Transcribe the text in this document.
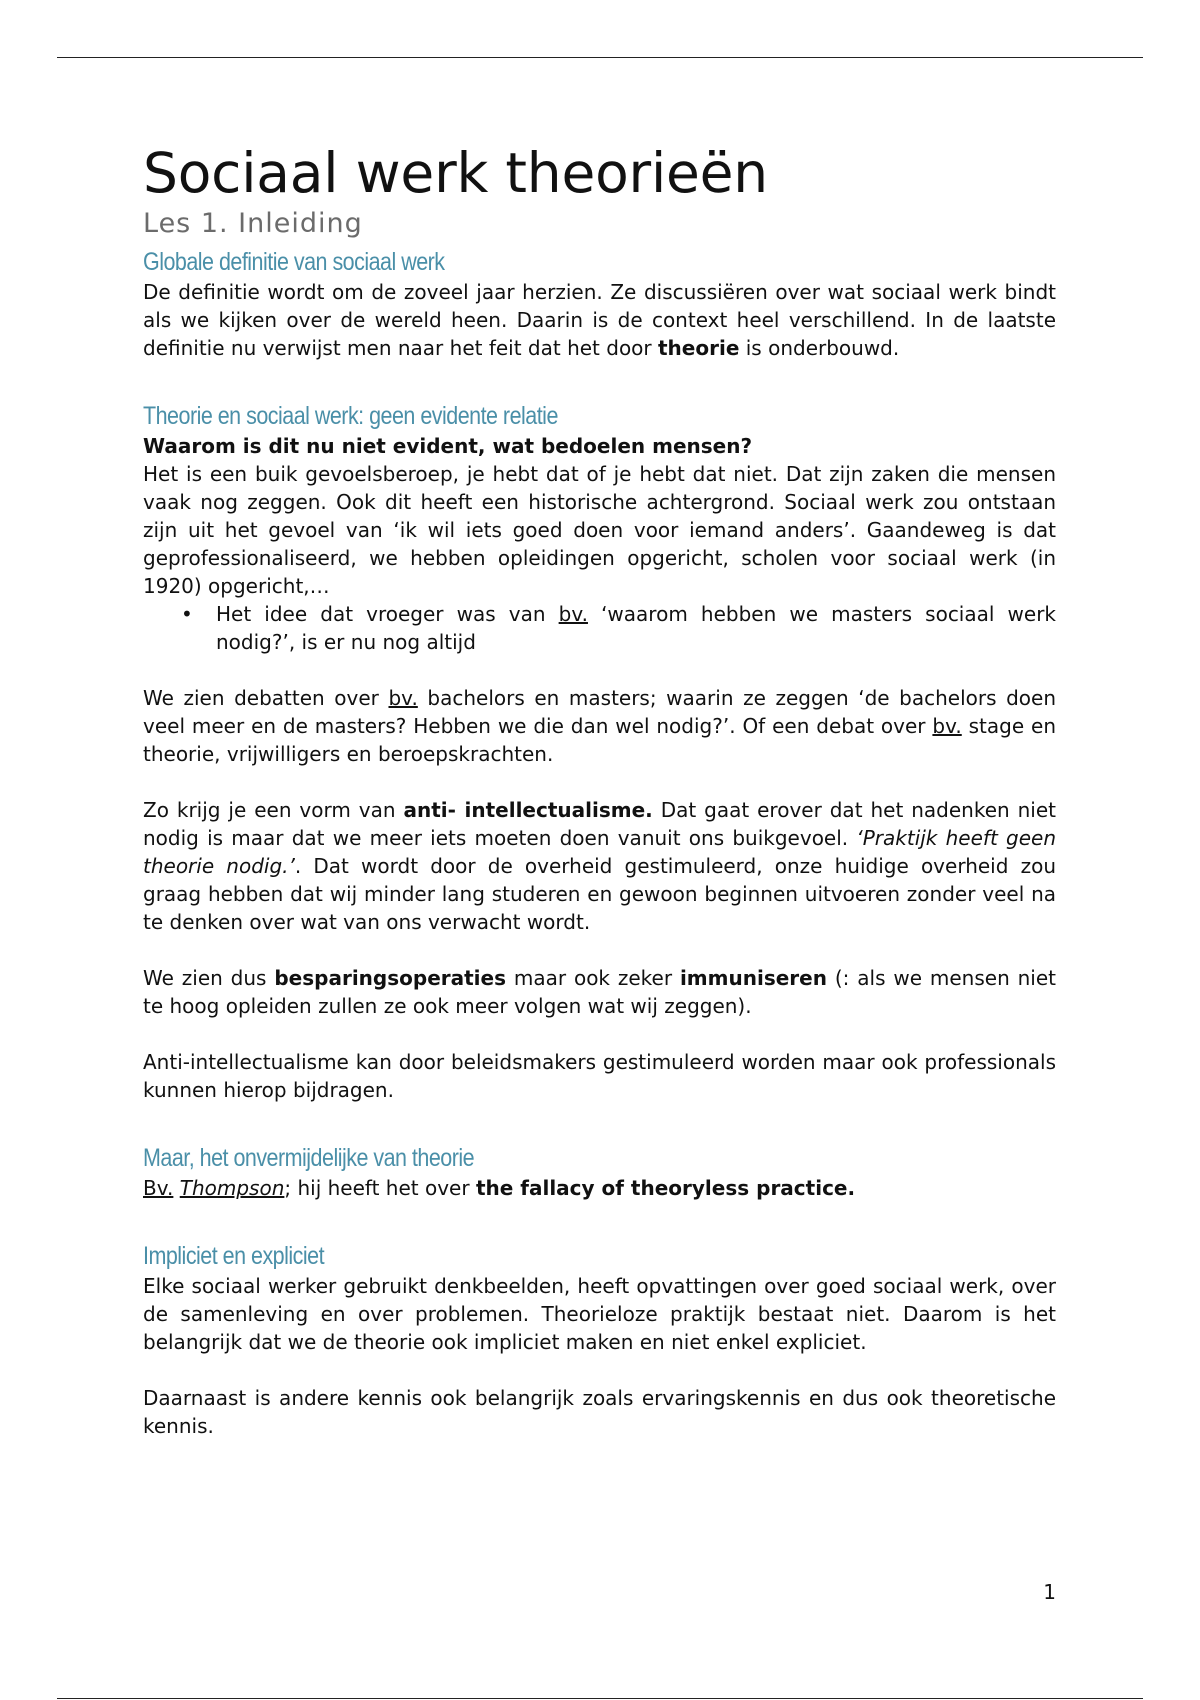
Sociaal werk theorieën
Les 1. Inleiding
Globale definitie van sociaal werk

De definitie wordt om de zoveel jaar herzien. Ze discussiëren over wat sociaal werk bindt als we kijken over de wereld heen. Daarin is de context heel verschillend. In de laatste definitie nu verwijst men naar het feit dat het door theorie is onderbouwd.

Theorie en sociaal werk: geen evidente relatie

Waarom is dit nu niet evident, wat bedoelen mensen?

Het is een buik gevoelsberoep, je hebt dat of je hebt dat niet. Dat zijn zaken die mensen vaak nog zeggen. Ook dit heeft een historische achtergrond. Sociaal werk zou ontstaan zijn uit het gevoel van ‘ik wil iets goed doen voor iemand anders’. Gaandeweg is dat geprofessionaliseerd, we hebben opleidingen opgericht, scholen voor sociaal werk (in 1920) opgericht,…

• Het idee dat vroeger was van bv. ‘waarom hebben we masters sociaal werk nodig?’, is er nu nog altijd

We zien debatten over bv. bachelors en masters; waarin ze zeggen ‘de bachelors doen veel meer en de masters? Hebben we die dan wel nodig?’. Of een debat over bv. stage en theorie, vrijwilligers en beroepskrachten.

Zo krijg je een vorm van anti- intellectualisme. Dat gaat erover dat het nadenken niet nodig is maar dat we meer iets moeten doen vanuit ons buikgevoel. ‘Praktijk heeft geen theorie nodig.’. Dat wordt door de overheid gestimuleerd, onze huidige overheid zou graag hebben dat wij minder lang studeren en gewoon beginnen uitvoeren zonder veel na te denken over wat van ons verwacht wordt.

We zien dus besparingsoperaties maar ook zeker immuniseren (: als we mensen niet te hoog opleiden zullen ze ook meer volgen wat wij zeggen).

Anti-intellectualisme kan door beleidsmakers gestimuleerd worden maar ook professionals kunnen hierop bijdragen.

Maar, het onvermijdelijke van theorie

Bv. Thompson; hij heeft het over the fallacy of theoryless practice.

Impliciet en expliciet

Elke sociaal werker gebruikt denkbeelden, heeft opvattingen over goed sociaal werk, over de samenleving en over problemen. Theorieloze praktijk bestaat niet. Daarom is het belangrijk dat we de theorie ook impliciet maken en niet enkel expliciet.

Daarnaast is andere kennis ook belangrijk zoals ervaringskennis en dus ook theoretische kennis.

1
